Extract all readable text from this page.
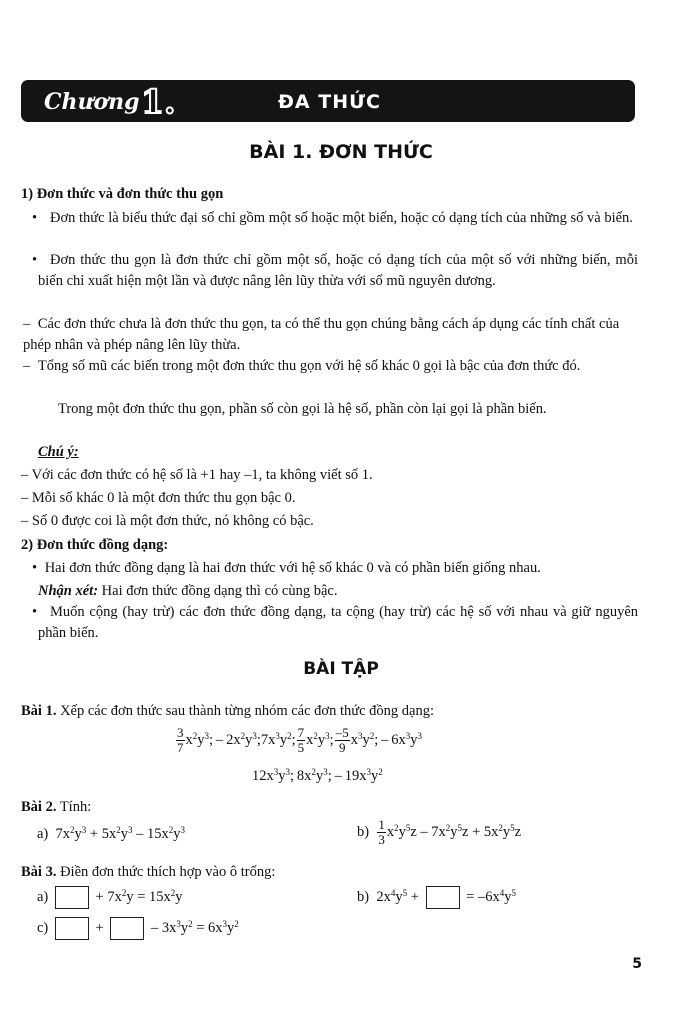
Chương 1.	ĐA THỨC
BÀI 1. ĐƠN THỨC
1) Đơn thức và đơn thức thu gọn
• Đơn thức là biểu thức đại số chỉ gồm một số hoặc một biến, hoặc có dạng tích của những số và biến.
• Đơn thức thu gọn là đơn thức chỉ gồm một số, hoặc có dạng tích của một số với những biến, mỗi biến chỉ xuất hiện một lần và được nâng lên lũy thừa với số mũ nguyên dương.
– Các đơn thức chưa là đơn thức thu gọn, ta có thể thu gọn chúng bằng cách áp dụng các tính chất của phép nhân và phép nâng lên lũy thừa.
– Tổng số mũ các biến trong một đơn thức thu gọn với hệ số khác 0 gọi là bậc của đơn thức đó.
Trong một đơn thức thu gọn, phần số còn gọi là hệ số, phần còn lại gọi là phần biến.
Chú ý:
– Với các đơn thức có hệ số là +1 hay –1, ta không viết số 1.
– Mỗi số khác 0 là một đơn thức thu gọn bậc 0.
– Số 0 được coi là một đơn thức, nó không có bậc.
2) Đơn thức đồng dạng:
• Hai đơn thức đồng dạng là hai đơn thức với hệ số khác 0 và có phần biến giống nhau.
Nhận xét: Hai đơn thức đồng dạng thì có cùng bậc.
• Muốn cộng (hay trừ) các đơn thức đồng dạng, ta cộng (hay trừ) các hệ số với nhau và giữ nguyên phần biến.
BÀI TẬP
Bài 1. Xếp các đơn thức sau thành từng nhóm các đơn thức đồng dạng:
$\frac{3}{7} x^2y^3$; – $2x^2y^3;7x^3y^2$; $\frac{7}{5} x^2y^3$; $\frac{-5}{9} x^3y^2$; – $6x^3y^3$
$12x^3y^3$; $8x^2y^3$; – $19x^3y^2$
Bài 2. Tính:
a)  $7x^2y^3 + 5x^2y^3 - 15x^2y^3$	$b) \frac{1}{3} x^2y^5z - 7x^2y^5z + 5x^2y^5z$
Bài 3. Điền đơn thức thích hợp vào ô trống:
a)	+ $7x^2y = 15x^2y$	b)  $2x^4y^5$ +	= $-6x^4y^5$
c)	+	– $3x^3y^2 = 6x^3y^2$
5
